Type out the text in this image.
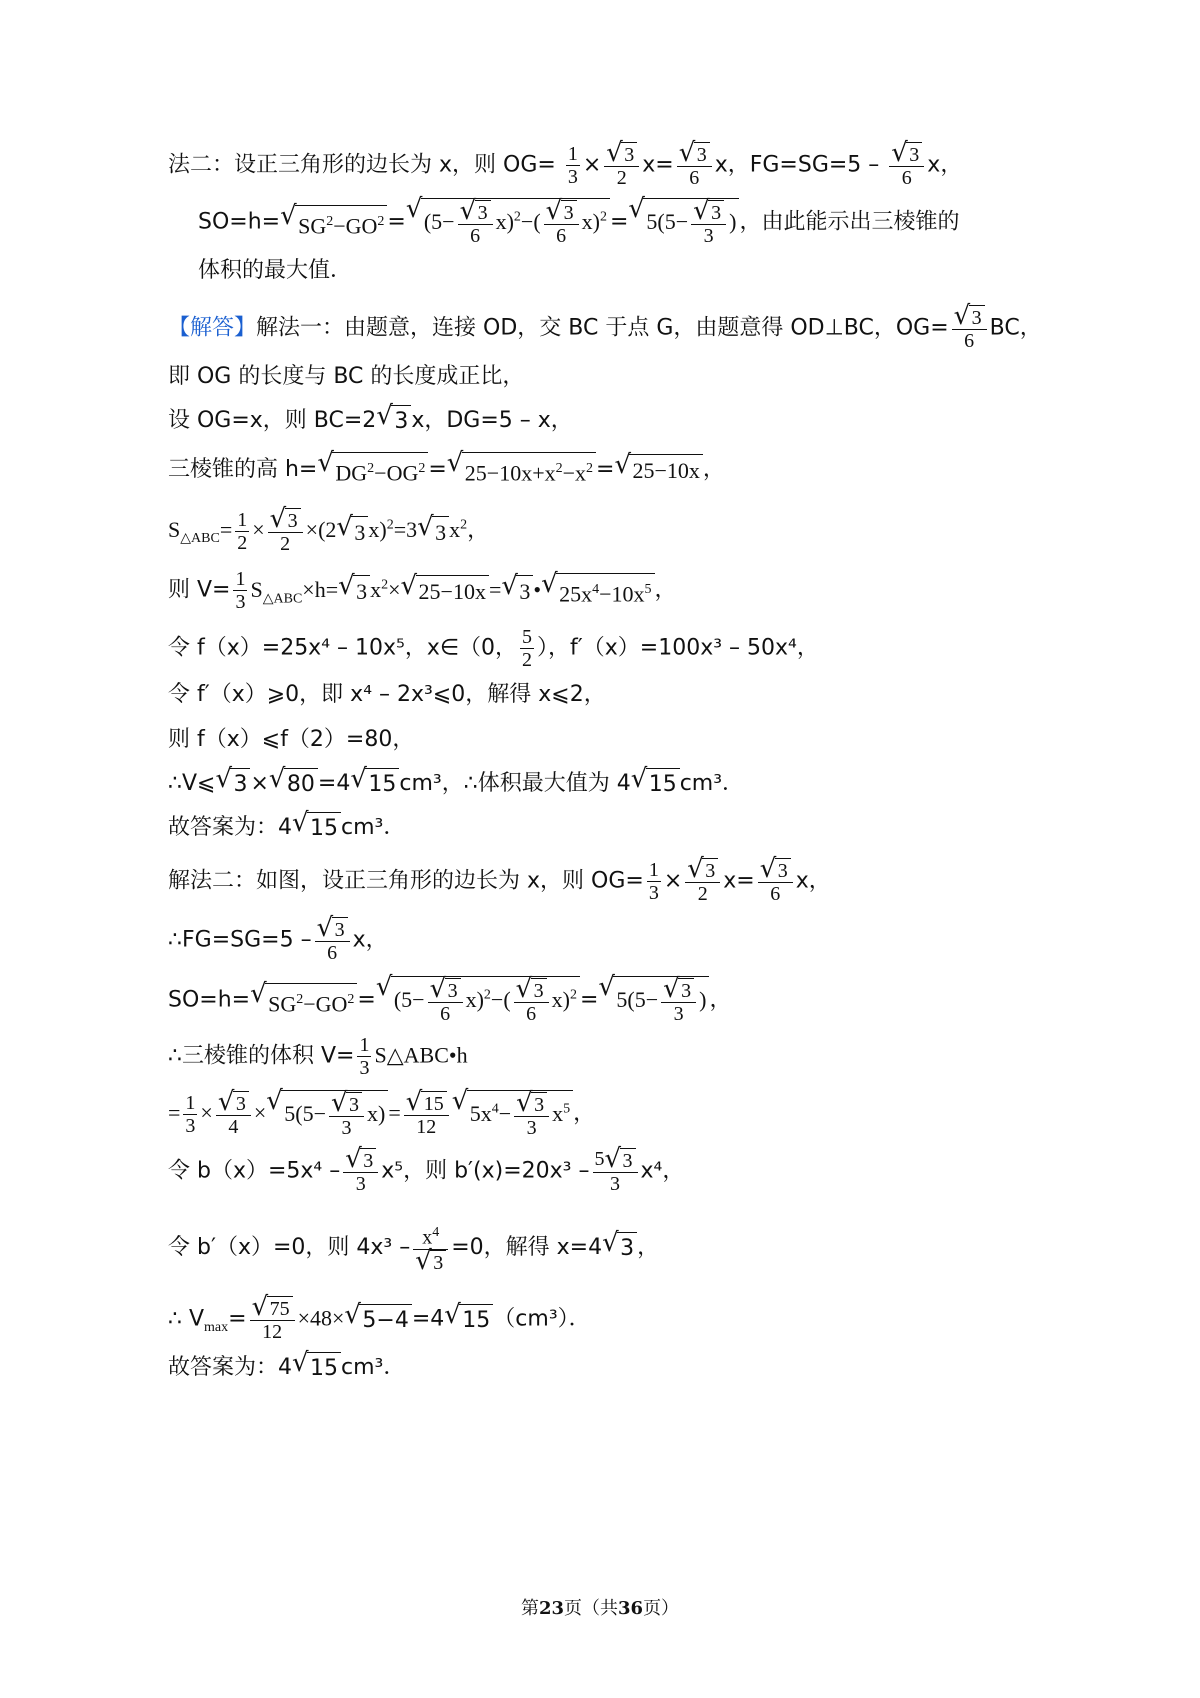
法二：设正三角形的边长为 x，则 $OG= \frac{1}{3}$ ×
√ $\frac{3}{2} x=$
√ $\frac{3}{6}$ x，FG=SG=5 –
√ $\frac{3}{6}$ x，
SO=h=√ $SG^2-GO^2$ =√ (5−
√ $\frac{3}{6} x)^2-$(
√ $\frac{3}{6} x)^2$ =√ 5(5−
√ $\frac{3}{3}$ ) ，由此能示出三棱锥的
体积的最大值．
【解答】解法一：由题意，连接 OD，交 BC 于点 G，由题意得 OD⊥BC，OG=
√ $\frac{3}{6}$ BC，
即 OG 的长度与 BC 的长度成正比，
设 OG=x，则 BC=2√ 3 x，DG=5 – x，
三棱锥的高 h=√ $DG^2-OG^2$ =√ $25-10x+x^2-x^2$ =√ 25−10x ，
$S_{\triangle ABC}= \frac{1}{2}$ ×
√ $\frac{3}{2} \times(2√$ 3 x)$^2$=3√ 3 $x^2$，
则 $V= \frac{1}{3} S_{\triangle ABC}\times h=√$ 3 $x^2\times√$ 25−10x =√ 3 •√ $25x^4-10x^5$ ，
令 f（x）=25x⁴ – 10x⁵，x∈（0， $\frac{5}{2}$ ），f′（x）=100x³ – 50x⁴，
令 f′（x）⩾0，即 x⁴ – 2x³⩽0，解得 x⩽2，
则 f（x）⩽f（2）=80，
∴V⩽√ 3 ×√ 80 =4√ 15 cm³，∴体积最大值为 4√ 15 cm³．
故答案为：4√ 15 cm³．
解法二：如图，设正三角形的边长为 x，则 $OG= \frac{1}{3}$ ×
√ $\frac{3}{2} x=$
√ $\frac{3}{6}$ x，
∴FG=SG=5 –
√ $\frac{3}{6}$ x，
SO=h=√ $SG^2-GO^2$ =√ (5−
√ $\frac{3}{6} x)^2-$(
√ $\frac{3}{6} x)^2$ =√ 5(5−
√ $\frac{3}{3}$ ) ，
∴三棱锥的体积 $V= \frac{1}{3}$ S△ABC•h
= $\frac{1}{3}$ ×
√ $\frac{3}{4}$ ×√ 5(5−
√ $\frac{3}{3} x$) =
√ $\frac{15}{12}$
√ $5x^4-$
√ $\frac{3}{3} x^5$ ，
令 b（x）=5x⁴ –
√ $\frac{3}{3} x^5$，则 $b'(x)=20x^3 - \frac{5√ 3}{3} x^4$，
令 b′（x）=0，则 $4x^3 - x^4$
√ 3 =0，解得 x=4√ 3 ，
∴ $V_{max}=$
√ $\frac{75}{12} \times 48\times√$ 5−4 =4√ 15 （cm³）．
故答案为：4√ 15 cm³．
第23页（共36页）
